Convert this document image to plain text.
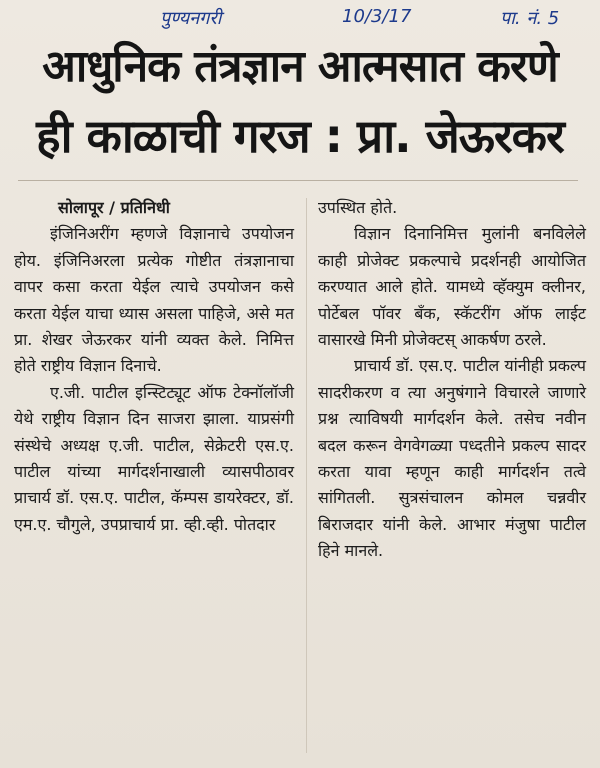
पुण्यनगरी	10/3/17	पा. नं. 5
आधुनिक तंत्रज्ञान आत्मसात करणे
ही काळाची गरज : प्रा. जेऊरकर
सोलापूर / प्रतिनिधी

इंजिनिअरींग म्हणजे विज्ञानाचे उपयोजन होय. इंजिनिअरला प्रत्येक गोष्टीत तंत्रज्ञानाचा वापर कसा करता येईल त्याचे उपयोजन कसे करता येईल याचा ध्यास असला पाहिजे, असे मत प्रा. शेखर जेऊरकर यांनी व्यक्त केले. निमित्त होते राष्ट्रीय विज्ञान दिनाचे.

ए.जी. पाटील इन्स्टिट्यूट ऑफ टेक्नॉलॉजी येथे राष्ट्रीय विज्ञान दिन साजरा झाला. याप्रसंगी संस्थेचे अध्यक्ष ए.जी. पाटील, सेक्रेटरी एस.ए. पाटील यांच्या मार्गदर्शनाखाली व्यासपीठावर प्राचार्य डॉ. एस.ए. पाटील, कॅम्पस डायरेक्टर, डॉ. एम.ए. चौगुले, उपप्राचार्य प्रा. व्ही.व्ही. पोतदार

उपस्थित होते.

विज्ञान दिनानिमित्त मुलांनी बनविलेले काही प्रोजेक्ट प्रकल्पाचे प्रदर्शनही आयोजित करण्यात आले होते. यामध्ये व्हॅक्युम क्लीनर, पोर्टेबल पॉवर बँक, स्कॅटरींग ऑफ लाईट वासारखे मिनी प्रोजेक्टस् आकर्षण ठरले.

प्राचार्य डॉ. एस.ए. पाटील यांनीही प्रकल्प सादरीकरण व त्या अनुषंगाने विचारले जाणारे प्रश्न त्याविषयी मार्गदर्शन केले. तसेच नवीन बदल करून वेगवेगळ्या पध्दतीने प्रकल्प सादर करता यावा म्हणून काही मार्गदर्शन तत्वे सांगितली. सुत्रसंचालन कोमल चन्नवीर बिराजदार यांनी केले. आभार मंजुषा पाटील हिने मानले.
